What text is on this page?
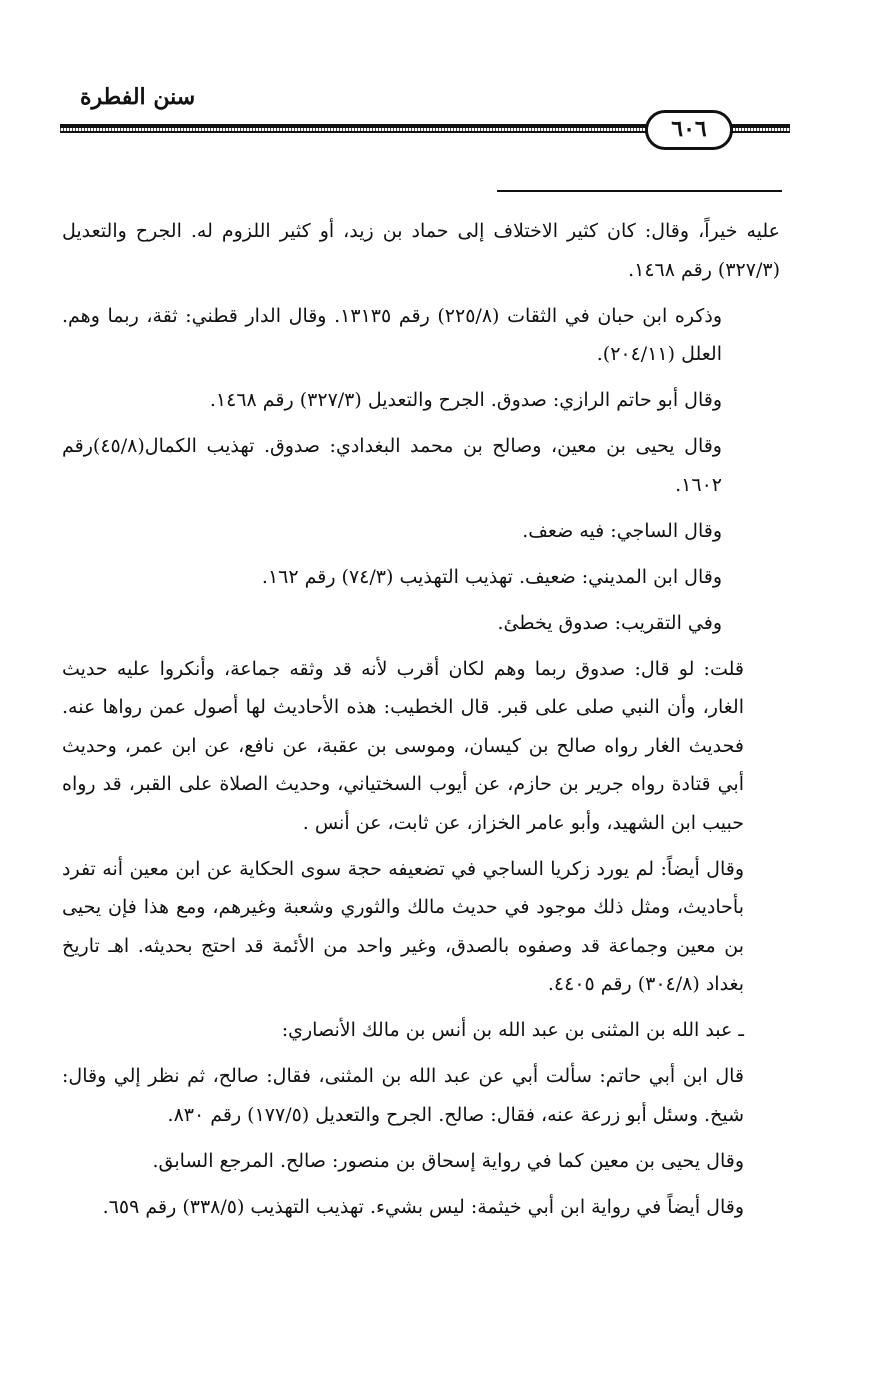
سنن الفطرة
٦٠٦

عليه خيراً، وقال: كان كثير الاختلاف إلى حماد بن زيد، أو كثير اللزوم له. الجرح والتعديل (٣٢٧/٣) رقم ١٤٦٨.

وذكره ابن حبان في الثقات (٢٢٥/٨) رقم ١٣١٣٥. وقال الدار قطني: ثقة، ربما وهم. العلل (٢٠٤/١١).

وقال أبو حاتم الرازي: صدوق. الجرح والتعديل (٣٢٧/٣) رقم ١٤٦٨.

وقال يحيى بن معين، وصالح بن محمد البغدادي: صدوق. تهذيب الكمال(٤٥/٨)رقم ١٦٠٢.

وقال الساجي: فيه ضعف.

وقال ابن المديني: ضعيف. تهذيب التهذيب (٧٤/٣) رقم ١٦٢.

وفي التقريب: صدوق يخطئ.

قلت: لو قال: صدوق ربما وهم لكان أقرب لأنه قد وثقه جماعة، وأنكروا عليه حديث الغار، وأن النبي صلى على قبر. قال الخطيب: هذه الأحاديث لها أصول عمن رواها عنه. فحديث الغار رواه صالح بن كيسان، وموسى بن عقبة، عن نافع، عن ابن عمر، وحديث أبي قتادة رواه جرير بن حازم، عن أيوب السختياني، وحديث الصلاة على القبر، قد رواه حبيب ابن الشهيد، وأبو عامر الخزاز، عن ثابت، عن أنس .

وقال أيضاً: لم يورد زكريا الساجي في تضعيفه حجة سوى الحكاية عن ابن معين أنه تفرد بأحاديث، ومثل ذلك موجود في حديث مالك والثوري وشعبة وغيرهم، ومع هذا فإن يحيى بن معين وجماعة قد وصفوه بالصدق، وغير واحد من الأئمة قد احتج بحديثه. اهـ تاريخ بغداد (٣٠٤/٨) رقم ٤٤٠٥.

ـ عبد الله بن المثنى بن عبد الله بن أنس بن مالك الأنصاري:

قال ابن أبي حاتم: سألت أبي عن عبد الله بن المثنى، فقال: صالح، ثم نظر إلي وقال: شيخ. وسئل أبو زرعة عنه، فقال: صالح. الجرح والتعديل (١٧٧/٥) رقم ٨٣٠.

وقال يحيى بن معين كما في رواية إسحاق بن منصور: صالح. المرجع السابق.

وقال أيضاً في رواية ابن أبي خيثمة: ليس بشيء. تهذيب التهذيب (٣٣٨/٥) رقم ٦٥٩.
